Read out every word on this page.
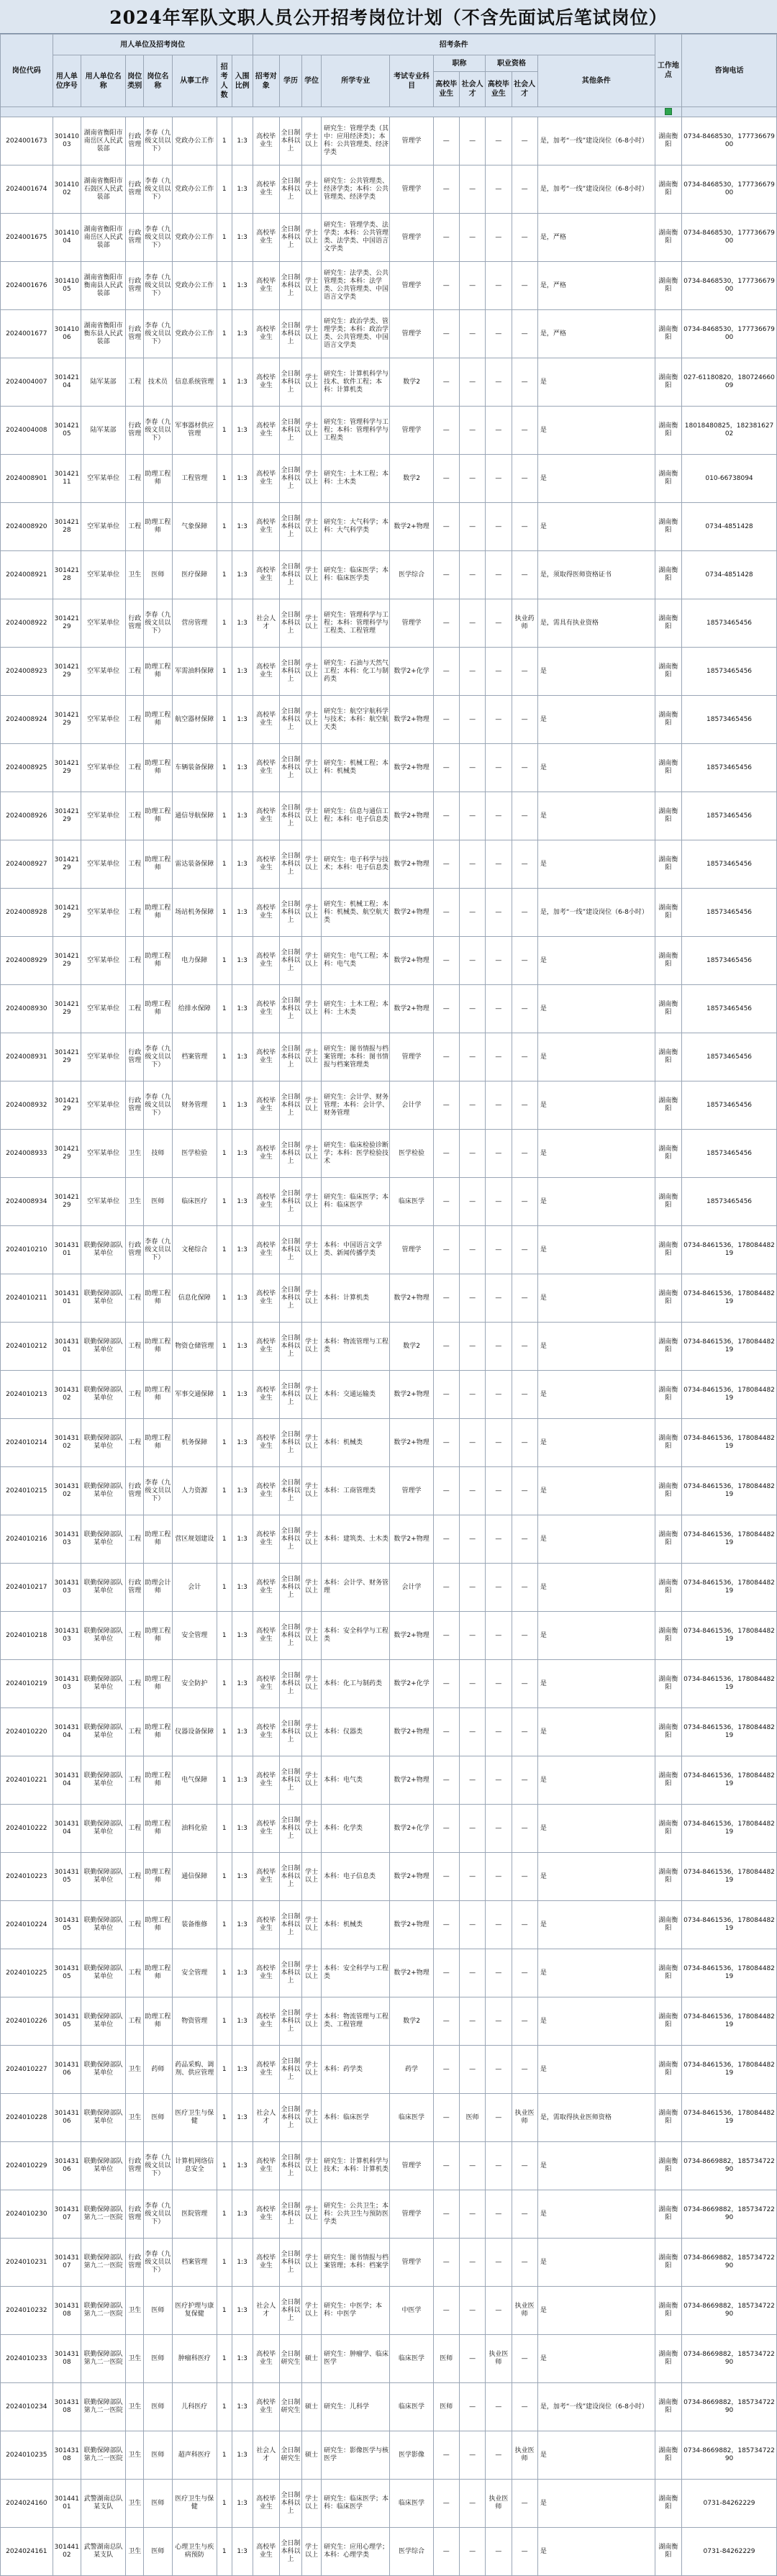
2024年军队文职人员公开招考岗位计划（不含先面试后笔试岗位）
岗位代码	用人单位及招考岗位							招考条件										工作地点	咨询电话
	用人单位序号	用人单位名称	岗位类别	岗位名称	从事工作	招考人数	入围比例	招考对象	学历	学位	所学专业	考试专业科目	职称		职业资格		其他条件		
													高校毕业生	社会人才	高校毕业生	社会人才			

2024001673	30141003	湖南省衡阳市南岳区人民武装部	行政管理	李春（九级文员以下）	党政办公工作	1	1:3	高校毕业生	全日制本科以上	学士以上	研究生：管理学类（其中：应用经济类）；本科：公共管理类、经济学类	管理学	—	—	—	—	是，加考“一线”建设岗位（6-8小时）	湖南衡阳	0734-8468530，17773667900
2024001674	30141002	湖南省衡阳市石鼓区人民武装部	行政管理	李春（九级文员以下）	党政办公工作	1	1:3	高校毕业生	全日制本科以上	学士以上	研究生：公共管理类、经济学类；本科：公共管理类、经济学类	管理学	—	—	—	—	是，加考“一线”建设岗位（6-8小时）	湖南衡阳	0734-8468530，17773667900
2024001675	30141004	湖南省衡阳市南岳区人民武装部	行政管理	李春（九级文员以下）	党政办公工作	1	1:3	高校毕业生	全日制本科以上	学士以上	研究生：管理学类、法学类；本科：公共管理类、法学类、中国语言文学类	管理学	—	—	—	—	是，严格	湖南衡阳	0734-8468530，17773667900
2024001676	30141005	湖南省衡阳市衡南县人民武装部	行政管理	李春（九级文员以下）	党政办公工作	1	1:3	高校毕业生	全日制本科以上	学士以上	研究生：法学类、公共管理类；本科：法学类、公共管理类、中国语言文学类	管理学	—	—	—	—	是，严格	湖南衡阳	0734-8468530，17773667900
2024001677	30141006	湖南省衡阳市衡东县人民武装部	行政管理	李春（九级文员以下）	党政办公工作	1	1:3	高校毕业生	全日制本科以上	学士以上	研究生：政治学类、管理学类；本科：政治学类、公共管理类、中国语言文学类	管理学	—	—	—	—	是，严格	湖南衡阳	0734-8468530，17773667900
2024004007	30142104	陆军某部	工程	技术员	信息系统管理	1	1:3	高校毕业生	全日制本科以上	学士以上	研究生：计算机科学与技术、软件工程；本科：计算机类	数学2	—	—	—	—	是	湖南衡阳	027-61180820，18072466009
2024004008	30142105	陆军某部	行政管理	李春（九级文员以下）	军事器材供应管理	1	1:3	高校毕业生	全日制本科以上	学士以上	研究生：管理科学与工程；本科：管理科学与工程类	管理学	—	—	—	—	是	湖南衡阳	18018480825，18238162702
2024008901	30142111	空军某单位	工程	助理工程师	工程管理	1	1:3	高校毕业生	全日制本科以上	学士以上	研究生：土木工程；本科：土木类	数学2	—	—	—	—	是	湖南衡阳	010-66738094
2024008920	30142128	空军某单位	工程	助理工程师	气象保障	1	1:3	高校毕业生	全日制本科以上	学士以上	研究生：大气科学；本科：大气科学类	数学2+物理	—	—	—	—	是	湖南衡阳	0734-4851428
2024008921	30142128	空军某单位	卫生	医师	医疗保障	1	1:3	高校毕业生	全日制本科以上	学士以上	研究生：临床医学；本科：临床医学类	医学综合	—	—	—	—	是，须取得医师资格证书	湖南衡阳	0734-4851428
2024008922	30142129	空军某单位	行政管理	李春（九级文员以下）	营房管理	1	1:3	社会人才	全日制本科以上	学士以上	研究生：管理科学与工程；本科：管理科学与工程类、工程管理	管理学	—	—	—	执业药师	是，需具有执业资格	湖南衡阳	18573465456
2024008923	30142129	空军某单位	工程	助理工程师	军需油料保障	1	1:3	高校毕业生	全日制本科以上	学士以上	研究生：石油与天然气工程；本科：化工与制药类	数学2+化学	—	—	—	—	是	湖南衡阳	18573465456
2024008924	30142129	空军某单位	工程	助理工程师	航空器材保障	1	1:3	高校毕业生	全日制本科以上	学士以上	研究生：航空宇航科学与技术；本科：航空航天类	数学2+物理	—	—	—	—	是	湖南衡阳	18573465456
2024008925	30142129	空军某单位	工程	助理工程师	车辆装备保障	1	1:3	高校毕业生	全日制本科以上	学士以上	研究生：机械工程；本科：机械类	数学2+物理	—	—	—	—	是	湖南衡阳	18573465456
2024008926	30142129	空军某单位	工程	助理工程师	通信导航保障	1	1:3	高校毕业生	全日制本科以上	学士以上	研究生：信息与通信工程；本科：电子信息类	数学2+物理	—	—	—	—	是	湖南衡阳	18573465456
2024008927	30142129	空军某单位	工程	助理工程师	雷达装备保障	1	1:3	高校毕业生	全日制本科以上	学士以上	研究生：电子科学与技术；本科：电子信息类	数学2+物理	—	—	—	—	是	湖南衡阳	18573465456
2024008928	30142129	空军某单位	工程	助理工程师	场站机务保障	1	1:3	高校毕业生	全日制本科以上	学士以上	研究生：机械工程；本科：机械类、航空航天类	数学2+物理	—	—	—	—	是，加考“一线”建设岗位（6-8小时）	湖南衡阳	18573465456
2024008929	30142129	空军某单位	工程	助理工程师	电力保障	1	1:3	高校毕业生	全日制本科以上	学士以上	研究生：电气工程；本科：电气类	数学2+物理	—	—	—	—	是	湖南衡阳	18573465456
2024008930	30142129	空军某单位	工程	助理工程师	给排水保障	1	1:3	高校毕业生	全日制本科以上	学士以上	研究生：土木工程；本科：土木类	数学2+物理	—	—	—	—	是	湖南衡阳	18573465456
2024008931	30142129	空军某单位	行政管理	李春（九级文员以下）	档案管理	1	1:3	高校毕业生	全日制本科以上	学士以上	研究生：图书情报与档案管理；本科：图书情报与档案管理类	管理学	—	—	—	—	是	湖南衡阳	18573465456
2024008932	30142129	空军某单位	行政管理	李春（九级文员以下）	财务管理	1	1:3	高校毕业生	全日制本科以上	学士以上	研究生：会计学、财务管理；本科：会计学、财务管理	会计学	—	—	—	—	是	湖南衡阳	18573465456
2024008933	30142129	空军某单位	卫生	技师	医学检验	1	1:3	高校毕业生	全日制本科以上	学士以上	研究生：临床检验诊断学；本科：医学检验技术	医学检验	—	—	—	—	是	湖南衡阳	18573465456
2024008934	30142129	空军某单位	卫生	医师	临床医疗	1	1:3	高校毕业生	全日制本科以上	学士以上	研究生：临床医学；本科：临床医学	临床医学	—	—	—	—	是	湖南衡阳	18573465456
2024010210	30143101	联勤保障部队某单位	行政管理	李春（九级文员以下）	文秘综合	1	1:3	高校毕业生	全日制本科以上	学士以上	本科：中国语言文学类、新闻传播学类	管理学	—	—	—	—	是	湖南衡阳	0734-8461536，17808448219
2024010211	30143101	联勤保障部队某单位	工程	助理工程师	信息化保障	1	1:3	高校毕业生	全日制本科以上	学士以上	本科：计算机类	数学2+物理	—	—	—	—	是	湖南衡阳	0734-8461536，17808448219
2024010212	30143101	联勤保障部队某单位	工程	助理工程师	物资仓储管理	1	1:3	高校毕业生	全日制本科以上	学士以上	本科：物流管理与工程类	数学2	—	—	—	—	是	湖南衡阳	0734-8461536，17808448219
2024010213	30143102	联勤保障部队某单位	工程	助理工程师	军事交通保障	1	1:3	高校毕业生	全日制本科以上	学士以上	本科：交通运输类	数学2+物理	—	—	—	—	是	湖南衡阳	0734-8461536，17808448219
2024010214	30143102	联勤保障部队某单位	工程	助理工程师	机务保障	1	1:3	高校毕业生	全日制本科以上	学士以上	本科：机械类	数学2+物理	—	—	—	—	是	湖南衡阳	0734-8461536，17808448219
2024010215	30143102	联勤保障部队某单位	行政管理	李春（九级文员以下）	人力资源	1	1:3	高校毕业生	全日制本科以上	学士以上	本科：工商管理类	管理学	—	—	—	—	是	湖南衡阳	0734-8461536，17808448219
2024010216	30143103	联勤保障部队某单位	工程	助理工程师	营区规划建设	1	1:3	高校毕业生	全日制本科以上	学士以上	本科：建筑类、土木类	数学2+物理	—	—	—	—	是	湖南衡阳	0734-8461536，17808448219
2024010217	30143103	联勤保障部队某单位	行政管理	助理会计师	会计	1	1:3	高校毕业生	全日制本科以上	学士以上	本科：会计学、财务管理	会计学	—	—	—	—	是	湖南衡阳	0734-8461536，17808448219
2024010218	30143103	联勤保障部队某单位	工程	助理工程师	安全管理	1	1:3	高校毕业生	全日制本科以上	学士以上	本科：安全科学与工程类	数学2+物理	—	—	—	—	是	湖南衡阳	0734-8461536，17808448219
2024010219	30143103	联勤保障部队某单位	工程	助理工程师	安全防护	1	1:3	高校毕业生	全日制本科以上	学士以上	本科：化工与制药类	数学2+化学	—	—	—	—	是	湖南衡阳	0734-8461536，17808448219
2024010220	30143104	联勤保障部队某单位	工程	助理工程师	仪器设备保障	1	1:3	高校毕业生	全日制本科以上	学士以上	本科：仪器类	数学2+物理	—	—	—	—	是	湖南衡阳	0734-8461536，17808448219
2024010221	30143104	联勤保障部队某单位	工程	助理工程师	电气保障	1	1:3	高校毕业生	全日制本科以上	学士以上	本科：电气类	数学2+物理	—	—	—	—	是	湖南衡阳	0734-8461536，17808448219
2024010222	30143104	联勤保障部队某单位	工程	助理工程师	油料化验	1	1:3	高校毕业生	全日制本科以上	学士以上	本科：化学类	数学2+化学	—	—	—	—	是	湖南衡阳	0734-8461536，17808448219
2024010223	30143105	联勤保障部队某单位	工程	助理工程师	通信保障	1	1:3	高校毕业生	全日制本科以上	学士以上	本科：电子信息类	数学2+物理	—	—	—	—	是	湖南衡阳	0734-8461536，17808448219
2024010224	30143105	联勤保障部队某单位	工程	助理工程师	装备维修	1	1:3	高校毕业生	全日制本科以上	学士以上	本科：机械类	数学2+物理	—	—	—	—	是	湖南衡阳	0734-8461536，17808448219
2024010225	30143105	联勤保障部队某单位	工程	助理工程师	安全管理	1	1:3	高校毕业生	全日制本科以上	学士以上	本科：安全科学与工程类	数学2+物理	—	—	—	—	是	湖南衡阳	0734-8461536，17808448219
2024010226	30143105	联勤保障部队某单位	工程	助理工程师	物资管理	1	1:3	高校毕业生	全日制本科以上	学士以上	本科：物流管理与工程类、工程管理	数学2	—	—	—	—	是	湖南衡阳	0734-8461536，17808448219
2024010227	30143106	联勤保障部队某单位	卫生	药师	药品采购、调剂、供应管理	1	1:3	高校毕业生	全日制本科以上	学士以上	本科：药学类	药学	—	—	—	—	是	湖南衡阳	0734-8461536，17808448219
2024010228	30143106	联勤保障部队某单位	卫生	医师	医疗卫生与保健	1	1:3	社会人才	全日制本科以上	学士以上	本科：临床医学	临床医学	—	医师	—	执业医师	是，需取得执业医师资格	湖南衡阳	0734-8461536，17808448219
2024010229	30143106	联勤保障部队某单位	行政管理	李春（九级文员以下）	计算机网络信息安全	1	1:3	高校毕业生	全日制本科以上	学士以上	研究生：计算机科学与技术；本科：计算机类	管理学	—	—	—	—	是	湖南衡阳	0734-8669882，18573472290
2024010230	30143107	联勤保障部队第九二一医院	行政管理	李春（九级文员以下）	医院管理	1	1:3	高校毕业生	全日制本科以上	学士以上	研究生：公共卫生；本科：公共卫生与预防医学类	管理学	—	—	—	—	是	湖南衡阳	0734-8669882，18573472290
2024010231	30143107	联勤保障部队第九二一医院	行政管理	李春（九级文员以下）	档案管理	1	1:3	高校毕业生	全日制本科以上	学士以上	研究生：图书情报与档案管理；本科：档案学	管理学	—	—	—	—	是	湖南衡阳	0734-8669882，18573472290
2024010232	30143108	联勤保障部队第九二一医院	卫生	医师	医疗护理与康复保健	1	1:3	社会人才	全日制本科以上	学士以上	研究生：中医学；本科：中医学	中医学	—	—	—	执业医师	是	湖南衡阳	0734-8669882，18573472290
2024010233	30143108	联勤保障部队第九二一医院	卫生	医师	肿瘤科医疗	1	1:3	高校毕业生	全日制研究生	硕士	研究生：肿瘤学、临床医学	临床医学	医师	—	执业医师	—	是	湖南衡阳	0734-8669882，18573472290
2024010234	30143108	联勤保障部队第九二一医院	卫生	医师	儿科医疗	1	1:3	高校毕业生	全日制研究生	硕士	研究生：儿科学	临床医学	医师	—	—	—	是，加考“一线”建设岗位（6-8小时）	湖南衡阳	0734-8669882，18573472290
2024010235	30143108	联勤保障部队第九二一医院	卫生	医师	超声科医疗	1	1:3	社会人才	全日制研究生	硕士	研究生：影像医学与核医学	医学影像	—	—	—	执业医师	是	湖南衡阳	0734-8669882，18573472290
2024024160	30144101	武警湖南总队某支队	卫生	医师	医疗卫生与保健	1	1:3	高校毕业生	全日制本科以上	学士以上	研究生：临床医学；本科：临床医学	临床医学	—	—	执业医师	—	是	湖南衡阳	0731-84262229
2024024161	30144102	武警湖南总队某支队	卫生	医师	心理卫生与疾病预防	1	1:3	高校毕业生	全日制本科以上	学士以上	研究生：应用心理学；本科：心理学类	医学综合	—	—	—	—	是	湖南衡阳	0731-84262229
